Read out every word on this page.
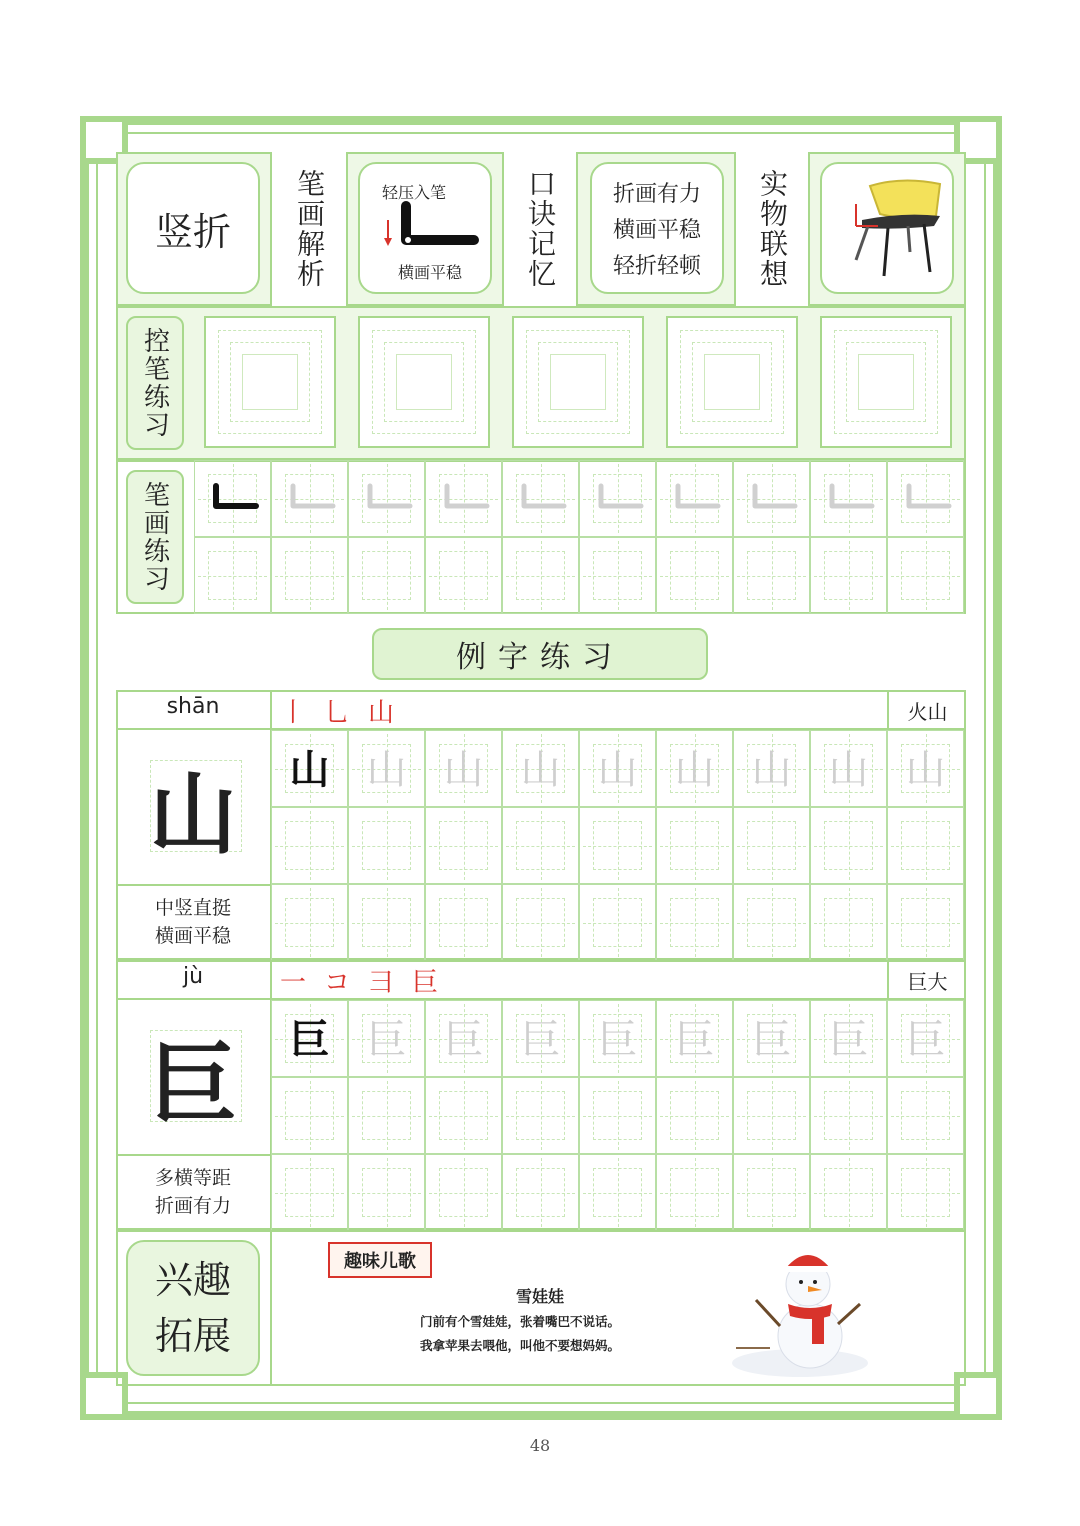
竖折	笔画解析	轻压入笔
横画平稳	口诀记忆	折画有力
横画平稳
轻折轻顿	实物联想
控笔练习
笔画练习
例字练习
shān	丨 乚 山	火山
山
中竖直挺
横画平稳
山 山 山 山 山 山 山 山 山
jù	一 コ 彐 巨	巨大
巨
多横等距
折画有力
巨 巨 巨 巨 巨 巨 巨 巨 巨
兴趣拓展
趣味儿歌
雪娃娃
门前有个雪娃娃，张着嘴巴不说话。
我拿苹果去喂他，叫他不要想妈妈。
48
